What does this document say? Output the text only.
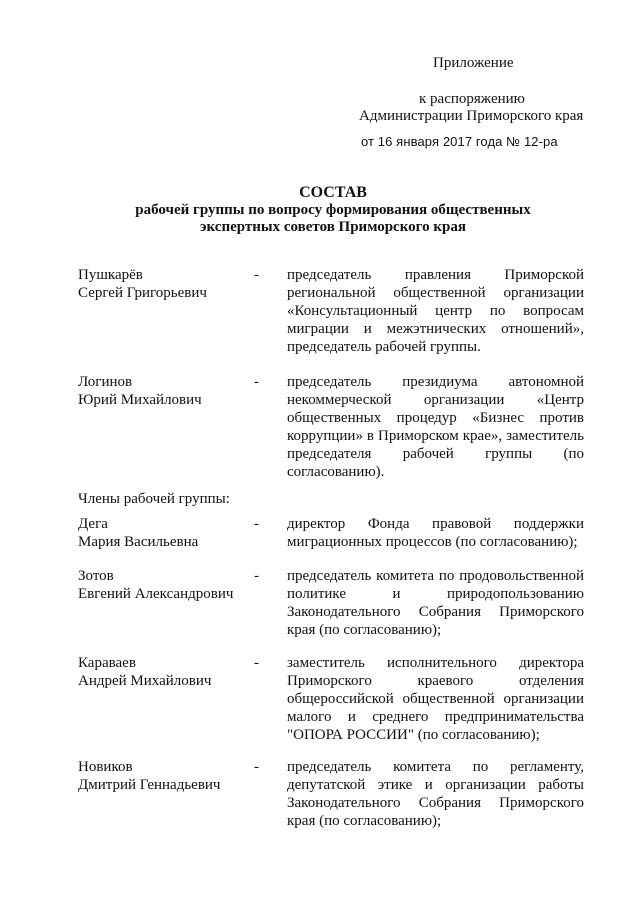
Приложение
к распоряжению
Администрации Приморского края
от 16 января 2017 года № 12-ра
СОСТАВ
рабочей группы по вопросу формирования общественных
экспертных советов Приморского края
Пушкарёв
Сергей Григорьевич
- председатель правления Приморской региональной общественной организации «Консультационный центр по вопросам миграции и межэтнических отношений», председатель рабочей группы.
Логинов
Юрий Михайлович
- председатель президиума автономной некоммерческой организации «Центр общественных процедур «Бизнес против коррупции» в Приморском крае», заместитель председателя рабочей группы (по согласованию).
Члены рабочей группы:
Дега
Мария Васильевна
- директор Фонда правовой поддержки миграционных процессов (по согласованию);
Зотов
Евгений Александрович
- председатель комитета по продовольственной политике и природопользованию Законодательного Собрания Приморского края (по согласованию);
Караваев
Андрей Михайлович
- заместитель исполнительного директора Приморского краевого отделения общероссийской общественной организации малого и среднего предпринимательства "ОПОРА РОССИИ" (по согласованию);
Новиков
Дмитрий Геннадьевич
- председатель комитета по регламенту, депутатской этике и организации работы Законодательного Собрания Приморского края (по согласованию);
